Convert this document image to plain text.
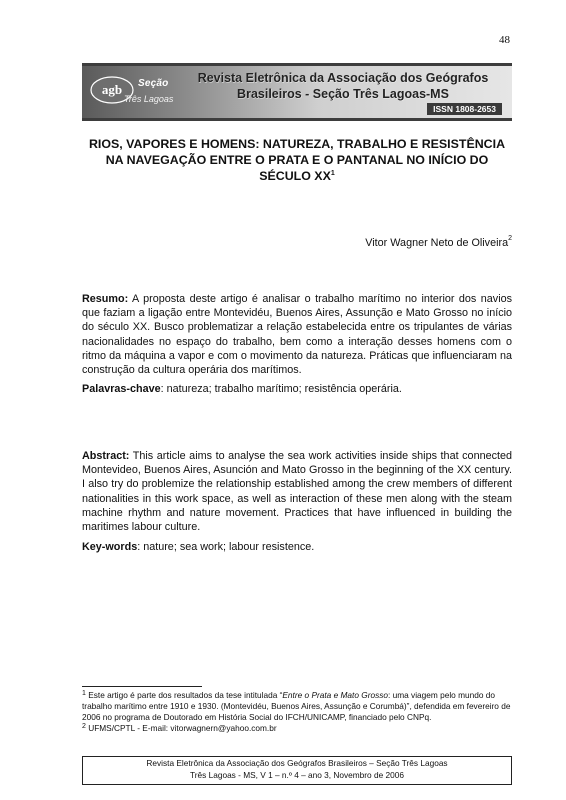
48
agb Seção
Três Lagoas
Revista Eletrônica da Associação dos Geógrafos
Brasileiros - Seção Três Lagoas-MS
ISSN 1808-2653
RIOS, VAPORES E HOMENS: NATUREZA, TRABALHO E RESISTÊNCIA NA NAVEGAÇÃO ENTRE O PRATA E O PANTANAL NO INÍCIO DO SÉCULO $XX^1$
Vitor Wagner Neto de Oliveira$^2$

Resumo: A proposta deste artigo é analisar o trabalho marítimo no interior dos navios que faziam a ligação entre Montevidéu, Buenos Aires, Assunção e Mato Grosso no início do século XX. Busco problematizar a relação estabelecida entre os tripulantes de várias nacionalidades no espaço do trabalho, bem como a interação desses homens com o ritmo da máquina a vapor e com o movimento da natureza. Práticas que influenciaram na construção da cultura operária dos marítimos.

Palavras-chave: natureza; trabalho marítimo; resistência operária.

Abstract: This article aims to analyse the sea work activities inside ships that connected Montevideo, Buenos Aires, Asunción and Mato Grosso in the beginning of the XX century. I also try do problemize the relationship established among the crew members of different nationalities in this work space, as well as interaction of these men along with the steam machine rhythm and nature movement. Practices that have influenced in building the maritimes labour culture.

Key-words: nature; sea work; labour resistence.

$^1$ Este artigo é parte dos resultados da tese intitulada “Entre o Prata e Mato Grosso: uma viagem pelo mundo do trabalho marítimo entre 1910 e 1930. (Montevidéu, Buenos Aires, Assunção e Corumbá)”, defendida em fevereiro de 2006 no programa de Doutorado em História Social do IFCH/UNICAMP, financiado pelo CNPq.

$^2$ UFMS/CPTL - E-mail: vitorwagnern@yahoo.com.br

Revista Eletrônica da Associação dos Geógrafos Brasileiros – Seção Três Lagoas
Três Lagoas - MS, V 1 – n.º 4 – ano 3, Novembro de 2006
